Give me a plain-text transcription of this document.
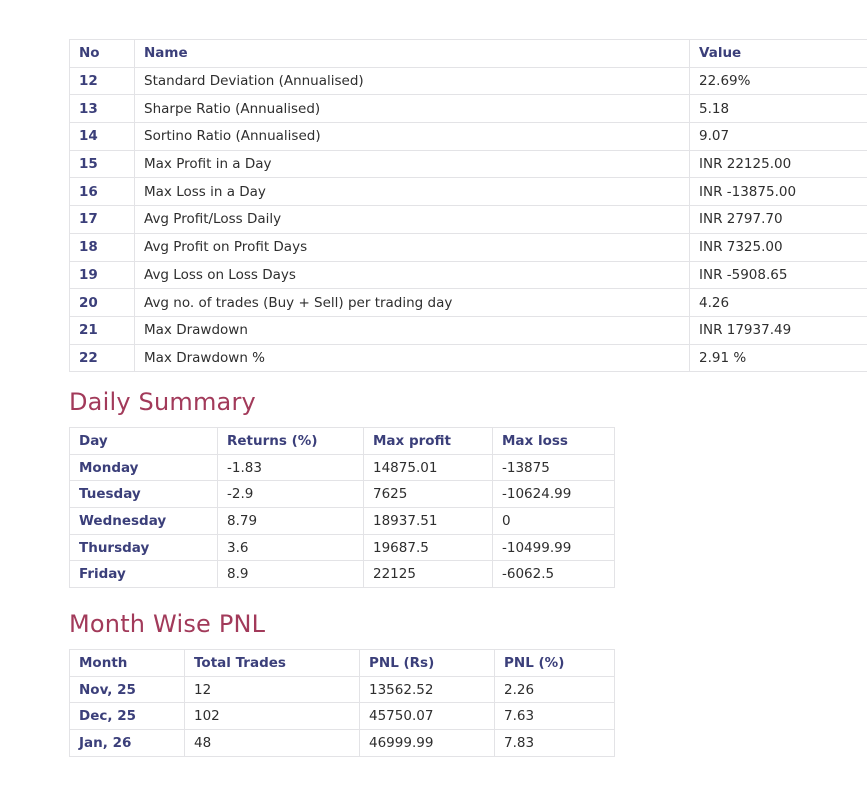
No	Name	Value
12	Standard Deviation (Annualised)	22.69%
13	Sharpe Ratio (Annualised)	5.18
14	Sortino Ratio (Annualised)	9.07
15	Max Profit in a Day	INR 22125.00
16	Max Loss in a Day	INR -13875.00
17	Avg Profit/Loss Daily	INR 2797.70
18	Avg Profit on Profit Days	INR 7325.00
19	Avg Loss on Loss Days	INR -5908.65
20	Avg no. of trades (Buy + Sell) per trading day	4.26
21	Max Drawdown	INR 17937.49
22	Max Drawdown %	2.91 %
Daily Summary
Day	Returns (%)	Max profit	Max loss
Monday	-1.83	14875.01	-13875
Tuesday	-2.9	7625	-10624.99
Wednesday	8.79	18937.51	0
Thursday	3.6	19687.5	-10499.99
Friday	8.9	22125	-6062.5
Month Wise PNL
Month	Total Trades	PNL (Rs)	PNL (%)
Nov, 25	12	13562.52	2.26
Dec, 25	102	45750.07	7.63
Jan, 26	48	46999.99	7.83
